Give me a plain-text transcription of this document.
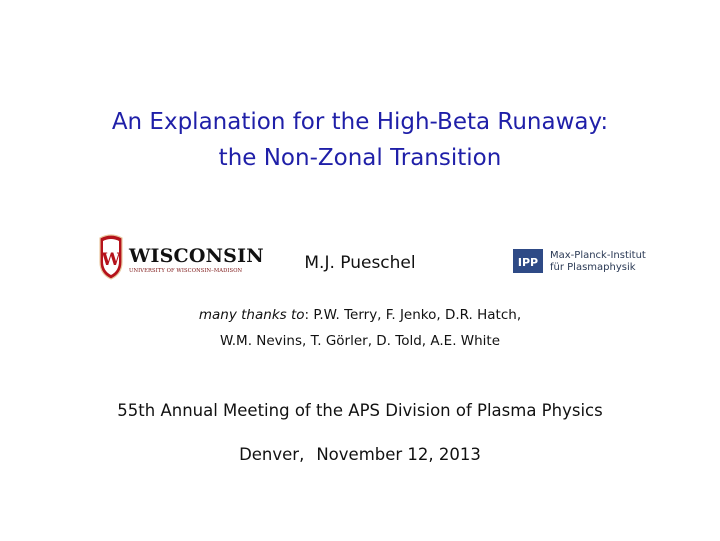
An Explanation for the High-Beta Runaway:
the Non-Zonal Transition
W WISCONSIN
UNIVERSITY OF WISCONSIN–MADISON	M.J. Pueschel	IPP
Max-Planck-Institut
für Plasmaphysik
many thanks to: P.W. Terry, F. Jenko, D.R. Hatch,
W.M. Nevins, T. Görler, D. Told, A.E. White
55th Annual Meeting of the APS Division of Plasma Physics
Denver, November 12, 2013
